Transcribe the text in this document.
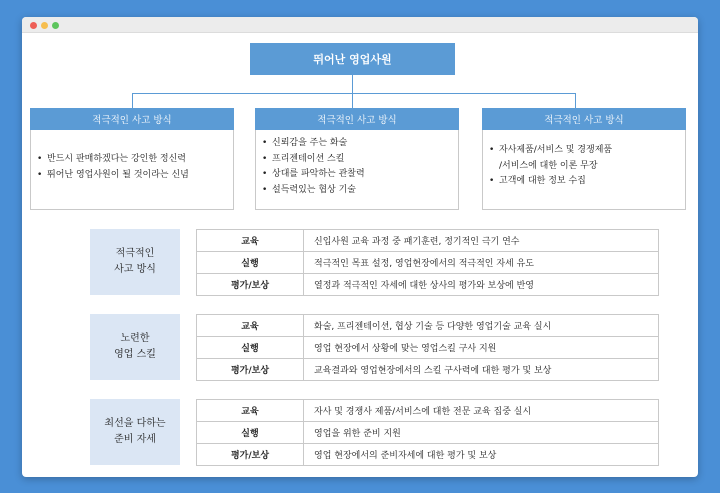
뛰어난 영업사원
적극적인 사고 방식
• 반드시 판매하겠다는 강인한 정신력
• 뛰어난 영업사원이 될 것이라는 신념
적극적인 사고 방식
• 신뢰감을 주는 화술
• 프리젠테이션 스킬
• 상대를 파악하는 관찰력
• 설득력있는 협상 기술
적극적인 사고 방식
• 자사제품/서비스 및 경쟁제품
/서비스에 대한 이론 무장
• 고객에 대한 정보 수집
적극적인
사고 방식
교육	신입사원 교육 과정 중 패기훈련, 정기적인 극기 연수
실행	적극적인 목표 설정, 영업현장에서의 적극적인 자세 유도
평가/보상	열정과 적극적인 자세에 대한 상사의 평가와 보상에 반영
노련한
영업 스킬
교육	화술, 프리젠테이션, 협상 기술 등 다양한 영업기술 교육 실시
실행	영업 현장에서 상황에 맞는 영업스킬 구사 지원
평가/보상	교육결과와 영업현장에서의 스킬 구사력에 대한 평가 및 보상
최선을 다하는
준비 자세
교육	자사 및 경쟁사 제품/서비스에 대한 전문 교육 집중 실시
실행	영업을 위한 준비 지원
평가/보상	영업 현장에서의 준비자세에 대한 평가 및 보상
